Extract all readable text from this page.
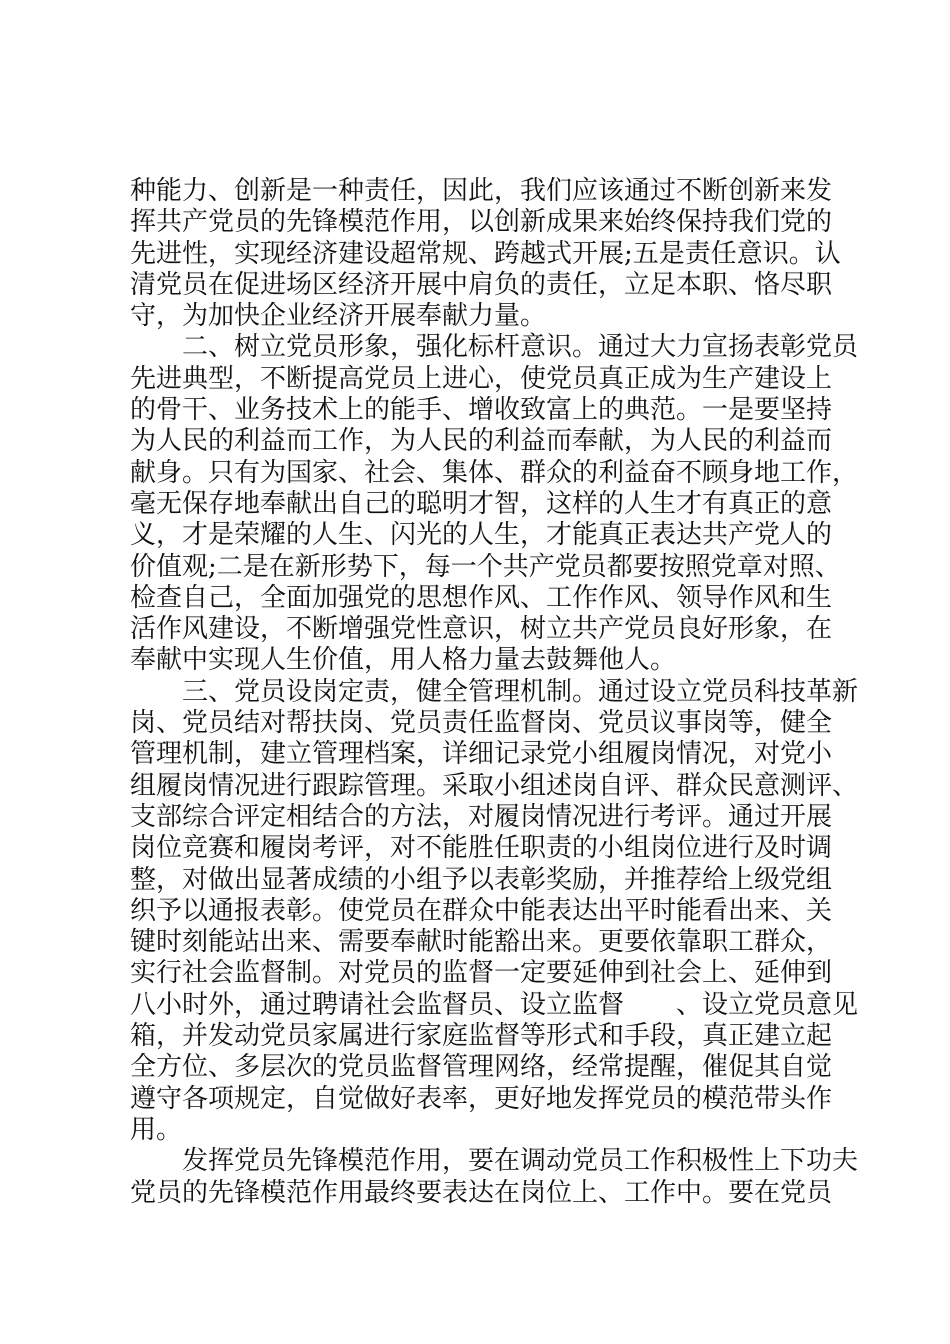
种能力、创新是一种责任，因此，我们应该通过不断创新来发
挥共产党员的先锋模范作用，以创新成果来始终保持我们党的
先进性，实现经济建设超常规、跨越式开展;五是责任意识。认
清党员在促进场区经济开展中肩负的责任，立足本职、恪尽职
守，为加快企业经济开展奉献力量。
二、树立党员形象，强化标杆意识。通过大力宣扬表彰党员
先进典型，不断提高党员上进心，使党员真正成为生产建设上
的骨干、业务技术上的能手、增收致富上的典范。一是要坚持
为人民的利益而工作，为人民的利益而奉献，为人民的利益而
献身。只有为国家、社会、集体、群众的利益奋不顾身地工作，
毫无保存地奉献出自己的聪明才智，这样的人生才有真正的意
义，才是荣耀的人生、闪光的人生，才能真正表达共产党人的
价值观;二是在新形势下，每一个共产党员都要按照党章对照、
检查自己，全面加强党的思想作风、工作作风、领导作风和生
活作风建设，不断增强党性意识，树立共产党员良好形象，在
奉献中实现人生价值，用人格力量去鼓舞他人。
三、党员设岗定责，健全管理机制。通过设立党员科技革新
岗、党员结对帮扶岗、党员责任监督岗、党员议事岗等，健全
管理机制，建立管理档案，详细记录党小组履岗情况，对党小
组履岗情况进行跟踪管理。采取小组述岗自评、群众民意测评、
支部综合评定相结合的方法，对履岗情况进行考评。通过开展
岗位竞赛和履岗考评，对不能胜任职责的小组岗位进行及时调
整，对做出显著成绩的小组予以表彰奖励，并推荐给上级党组
织予以通报表彰。使党员在群众中能表达出平时能看出来、关
键时刻能站出来、需要奉献时能豁出来。更要依靠职工群众，
实行社会监督制。对党员的监督一定要延伸到社会上、延伸到
八小时外，通过聘请社会监督员、设立监督　　、设立党员意见
箱，并发动党员家属进行家庭监督等形式和手段，真正建立起
全方位、多层次的党员监督管理网络，经常提醒，催促其自觉
遵守各项规定，自觉做好表率，更好地发挥党员的模范带头作
用。
发挥党员先锋模范作用，要在调动党员工作积极性上下功夫
党员的先锋模范作用最终要表达在岗位上、工作中。要在党员
